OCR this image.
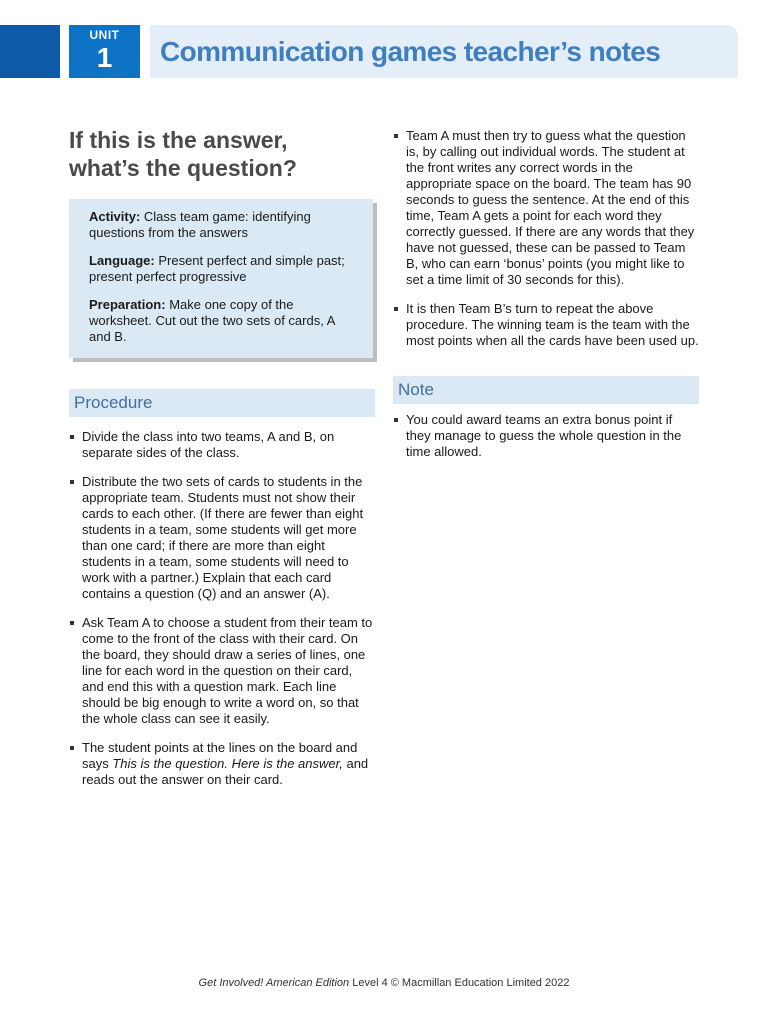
UNIT
1	Communication games teacher’s notes
If this is the answer,
what’s the question?

Activity: Class team game: identifying questions from the answers

Language: Present perfect and simple past; present perfect progressive

Preparation: Make one copy of the worksheet. Cut out the two sets of cards, A and B.

Procedure
Divide the class into two teams, A and B, on separate sides of the class.
Distribute the two sets of cards to students in the appropriate team. Students must not show their cards to each other. (If there are fewer than eight students in a team, some students will get more than one card; if there are more than eight students in a team, some students will need to work with a partner.) Explain that each card contains a question (Q) and an answer (A).
Ask Team A to choose a student from their team to come to the front of the class with their card. On the board, they should draw a series of lines, one line for each word in the question on their card, and end this with a question mark. Each line should be big enough to write a word on, so that the whole class can see it easily.
The student points at the lines on the board and says This is the question. Here is the answer, and reads out the answer on their card.
Team A must then try to guess what the question is, by calling out individual words. The student at the front writes any correct words in the appropriate space on the board. The team has 90 seconds to guess the sentence. At the end of this time, Team A gets a point for each word they correctly guessed. If there are any words that they have not guessed, these can be passed to Team B, who can earn ‘bonus’ points (you might like to set a time limit of 30 seconds for this).
It is then Team B’s turn to repeat the above procedure. The winning team is the team with the most points when all the cards have been used up.
Note
You could award teams an extra bonus point if they manage to guess the whole question in the time allowed.
Get Involved! American Edition Level 4 © Macmillan Education Limited 2022
